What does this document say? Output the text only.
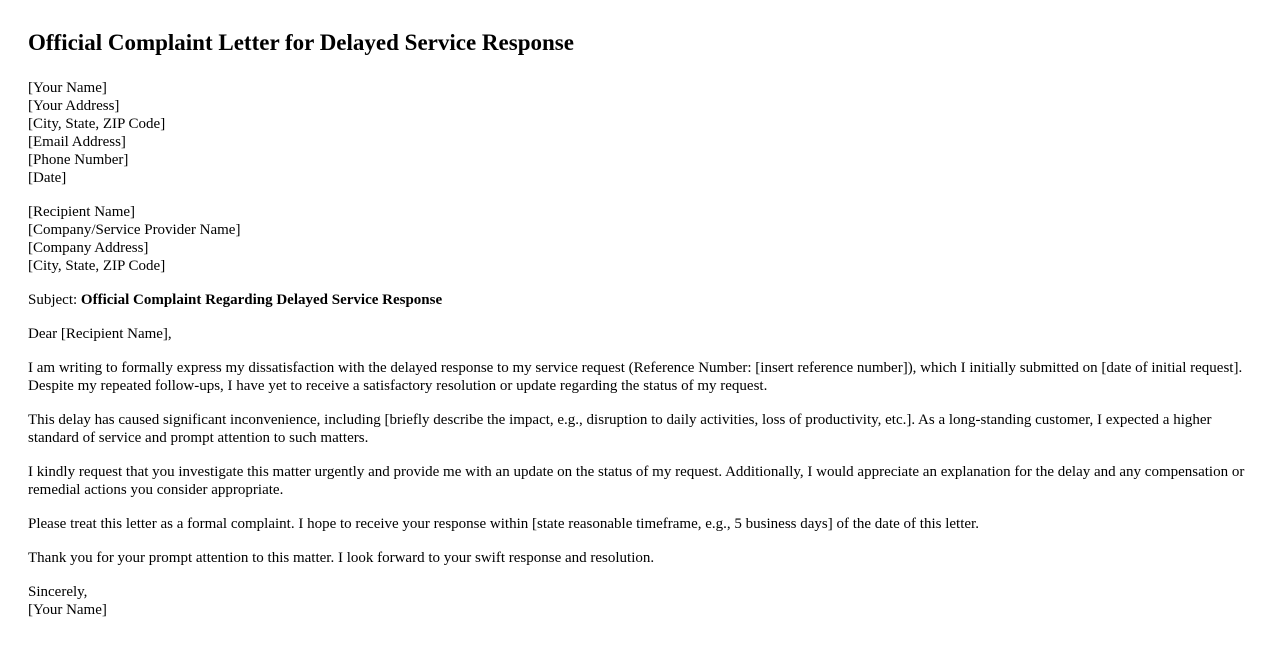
Official Complaint Letter for Delayed Service Response
[Your Name]
[Your Address]
[City, State, ZIP Code]
[Email Address]
[Phone Number]
[Date]
[Recipient Name]
[Company/Service Provider Name]
[Company Address]
[City, State, ZIP Code]

Subject: Official Complaint Regarding Delayed Service Response

Dear [Recipient Name],

I am writing to formally express my dissatisfaction with the delayed response to my service request (Reference Number: [insert reference number]), which I initially submitted on [date of initial request]. Despite my repeated follow-ups, I have yet to receive a satisfactory resolution or update regarding the status of my request.

This delay has caused significant inconvenience, including [briefly describe the impact, e.g., disruption to daily activities, loss of productivity, etc.]. As a long-standing customer, I expected a higher standard of service and prompt attention to such matters.

I kindly request that you investigate this matter urgently and provide me with an update on the status of my request. Additionally, I would appreciate an explanation for the delay and any compensation or remedial actions you consider appropriate.

Please treat this letter as a formal complaint. I hope to receive your response within [state reasonable timeframe, e.g., 5 business days] of the date of this letter.

Thank you for your prompt attention to this matter. I look forward to your swift response and resolution.

Sincerely,
[Your Name]
